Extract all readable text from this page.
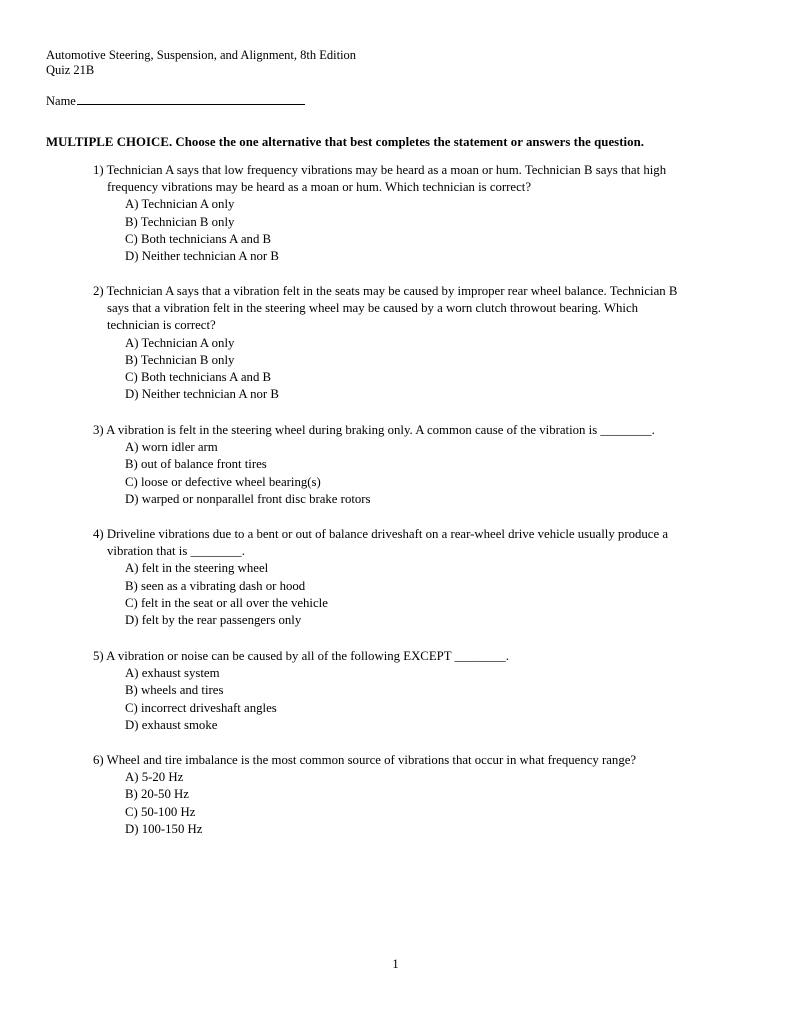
Automotive Steering, Suspension, and Alignment, 8th Edition
Quiz 21B
Name
MULTIPLE CHOICE. Choose the one alternative that best completes the statement or answers the question.
1) Technician A says that low frequency vibrations may be heard as a moan or hum. Technician B says that high
frequency vibrations may be heard as a moan or hum. Which technician is correct?
A) Technician A only
B) Technician B only
C) Both technicians A and B
D) Neither technician A nor B
2) Technician A says that a vibration felt in the seats may be caused by improper rear wheel balance. Technician B
says that a vibration felt in the steering wheel may be caused by a worn clutch throwout bearing. Which
technician is correct?
A) Technician A only
B) Technician B only
C) Both technicians A and B
D) Neither technician A nor B
3) A vibration is felt in the steering wheel during braking only. A common cause of the vibration is ________.
A) worn idler arm
B) out of balance front tires
C) loose or defective wheel bearing(s)
D) warped or nonparallel front disc brake rotors
4) Driveline vibrations due to a bent or out of balance driveshaft on a rear-wheel drive vehicle usually produce a
vibration that is ________.
A) felt in the steering wheel
B) seen as a vibrating dash or hood
C) felt in the seat or all over the vehicle
D) felt by the rear passengers only
5) A vibration or noise can be caused by all of the following EXCEPT ________.
A) exhaust system
B) wheels and tires
C) incorrect driveshaft angles
D) exhaust smoke
6) Wheel and tire imbalance is the most common source of vibrations that occur in what frequency range?
A) 5-20 Hz
B) 20-50 Hz
C) 50-100 Hz
D) 100-150 Hz
1
